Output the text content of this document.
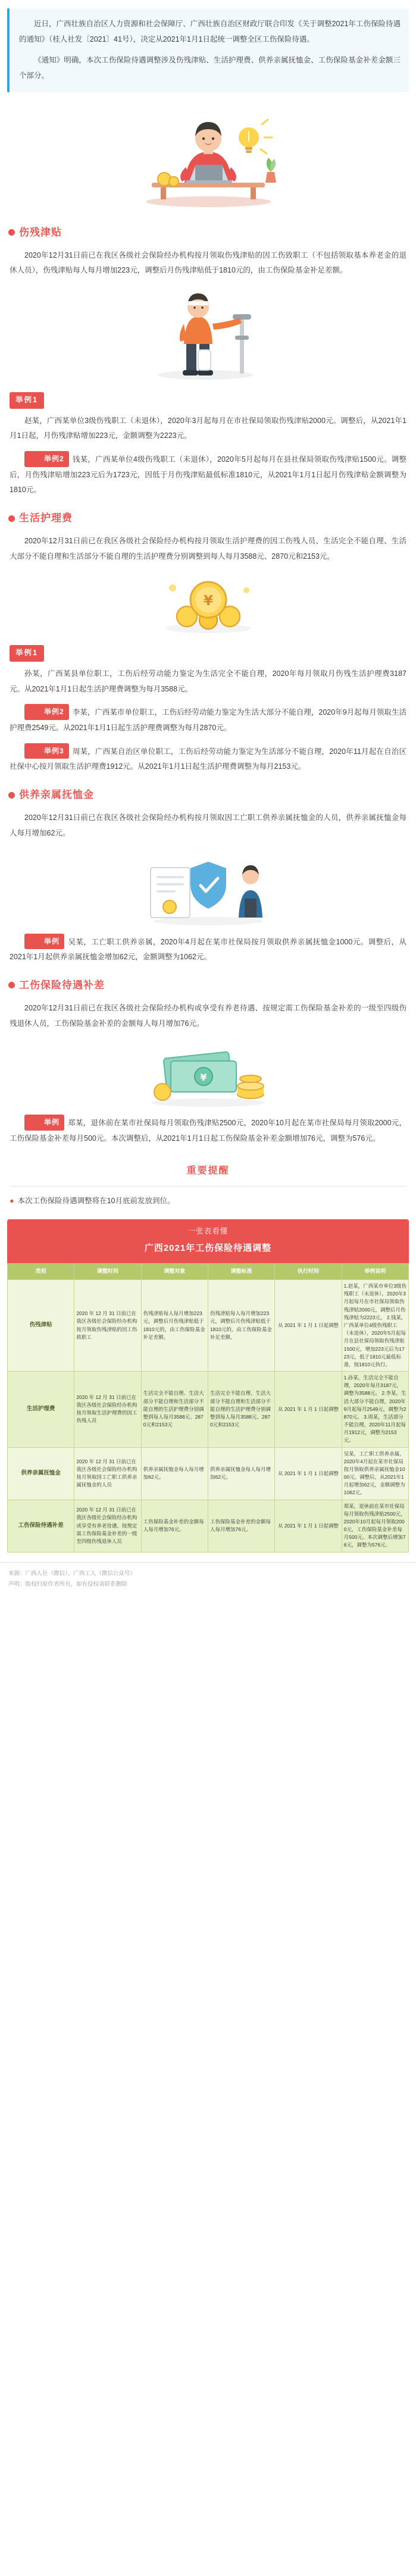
近日，广西壮族自治区人力资源和社会保障厅、广西壮族自治区财政厅联合印发《关于调整2021年工伤保险待遇的通知》（桂人社发〔2021〕41号），决定从2021年1月1日起统一调整全区工伤保险待遇。

《通知》明确，本次工伤保险待遇调整涉及伤残津贴、生活护理费、供养亲属抚恤金、工伤保险基金补差金额三个部分。

伤残津贴

2020年12月31日前已在我区各级社会保险经办机构按月领取伤残津贴的因工伤致职工（不包括领取基本养老金的退休人员），伤残津贴每人每月增加223元，调整后月伤残津贴低于1810元的，由工伤保险基金补足差额。

举例1

赵某，广西某单位3级伤残职工（未退休），2020年3月起每月在市社保局领取伤残津贴2000元。调整后，从2021年1月1日起，月伤残津贴增加223元，金额调整为2223元。

举例2 钱某，广西某单位4级伤残职工（未退休），2020年5月起每月在县社保局领取伤残津贴1500元。调整后，月伤残津贴增加223元后为1723元，因低于月伤残津贴最低标准1810元，从2021年1月1日起月伤残津贴金额调整为1810元。

生活护理费

2020年12月31日前已在我区各级社会保险经办机构按月领取生活护理费的因工伤残人员、生活完全不能自理、生活大部分不能自理和生活部分不能自理的生活护理费分别调整到每人每月3588元、2870元和2153元。

¥
举例1

孙某，广西某县单位职工，工伤后经劳动能力鉴定为生活完全不能自理，2020年每月领取月伤残生活护理费3187元。从2021年1月1日起生活护理费调整为每月3588元。

举例2 李某，广西某市单位职工，工伤后经劳动能力鉴定为生活大部分不能自理，2020年9月起每月领取生活护理费2549元。从2021年1月1日起生活护理费调整为每月2870元。

举例3 周某，广西某自治区单位职工，工伤后经劳动能力鉴定为生活部分不能自理，2020年11月起在自治区社保中心按月领取生活护理费1912元。从2021年1月1日起生活护理费调整为每月2153元。

供养亲属抚恤金

2020年12月31日前已在我区各级社会保险经办机构按月领取因工亡职工供养亲属抚恤金的人员，供养亲属抚恤金每人每月增加62元。

举例 吴某，工亡职工供养亲属，2020年4月起在某市社保局按月领取供养亲属抚恤金1000元。调整后，从2021年1月起供养亲属抚恤金增加62元，金额调整为1062元。

工伤保险待遇补差

2020年12月31日前已在我区各级社会保险经办机构或享受有养老待遇、按规定需工伤保险基金补差的一级至四级伤残退休人员，工伤保险基金补差的金额每人每月增加76元。

¥

举例 郑某，退休前在某市社保局每月领取伤残津贴2500元，2020年10月起在某市社保局每月领取2000元，工伤保险基金补差每月500元。本次调整后，从2021年1月1日起工伤保险基金补差金额增加76元，调整为576元。

重要提醒
● 本次工伤保险待遇调整将在10月底前发放到位。
一张表看懂
广西2021年工伤保险待遇调整
类别	调整时间	调整对象	调整标准	执行时间	举例说明
伤残津贴	2020 年 12 月 31 日前已在我区各级社会保险经办机构按月领取伤残津贴的因工伤致职工	伤残津贴每人每月增加223元，调整后月伤残津贴低于1810元的，由工伤保险基金补足差额。	伤残津贴每人每月增加223元，调整后月伤残津贴低于1810元的，由工伤保险基金补足差额。	从 2021 年 1 月 1 日起调整	1.赵某，广西某市单位3级伤残职工（未退休），2020年3月起每月在市社保局领取伤残津贴2000元，调整后月伤残津贴为2223元。 2.钱某，广西某单位4级伤残职工（未退休），2020年5月起每月在县社保局领取伤残津贴1500元，增加223元后为1723元，低于1810元最低标准，按1810元执行。
生活护理费	2020 年 12 月 31 日前已在我区各级社会保险经办机构按月领取生活护理费的因工伤残人员	生活完全不能自理、生活大部分不能自理和生活部分不能自理的生活护理费分别调整到每人每月3588元、2870元和2153元	生活完全不能自理、生活大部分不能自理和生活部分不能自理的生活护理费分别调整到每人每月3588元、2870元和2153元	从 2021 年 1 月 1 日起调整	1.孙某，生活完全不能自理，2020年每月3187元，调整为3588元。 2.李某，生活大部分不能自理，2020年9月起每月2549元，调整为2870元。 3.周某，生活部分不能自理，2020年11月起每月1912元，调整为2153元。
供养亲属抚恤金	2020 年 12 月 31 日前已在我区各级社会保险经办机构按月领取因工亡职工供养亲属抚恤金的人员	供养亲属抚恤金每人每月增加62元。	供养亲属抚恤金每人每月增加62元。	从 2021 年 1 月 1 日起调整	吴某，工亡职工供养亲属，2020年4月起在某市社保局按月领取供养亲属抚恤金1000元。调整后，从2021年1月起增加62元，金额调整为1062元。
工伤保险待遇补差	2020 年 12 月 31 日前已在我区各级社会保险经办机构或享受有养老待遇、按规定需工伤保险基金补差的一级至四级伤残退休人员	工伤保险基金补差的金额每人每月增加76元。	工伤保险基金补差的金额每人每月增加76元。	从 2021 年 1 月 1 日起调整	郑某，退休前在某市社保局每月领取伤残津贴2500元，2020年10月起每月领取2000元，工伤保险基金补差每月500元。本次调整后增加76元，调整为576元。
来源：广西人社（微信）、广西工人（微信公众号）
声明：版权归原作者所有，如有侵权请联系删除
